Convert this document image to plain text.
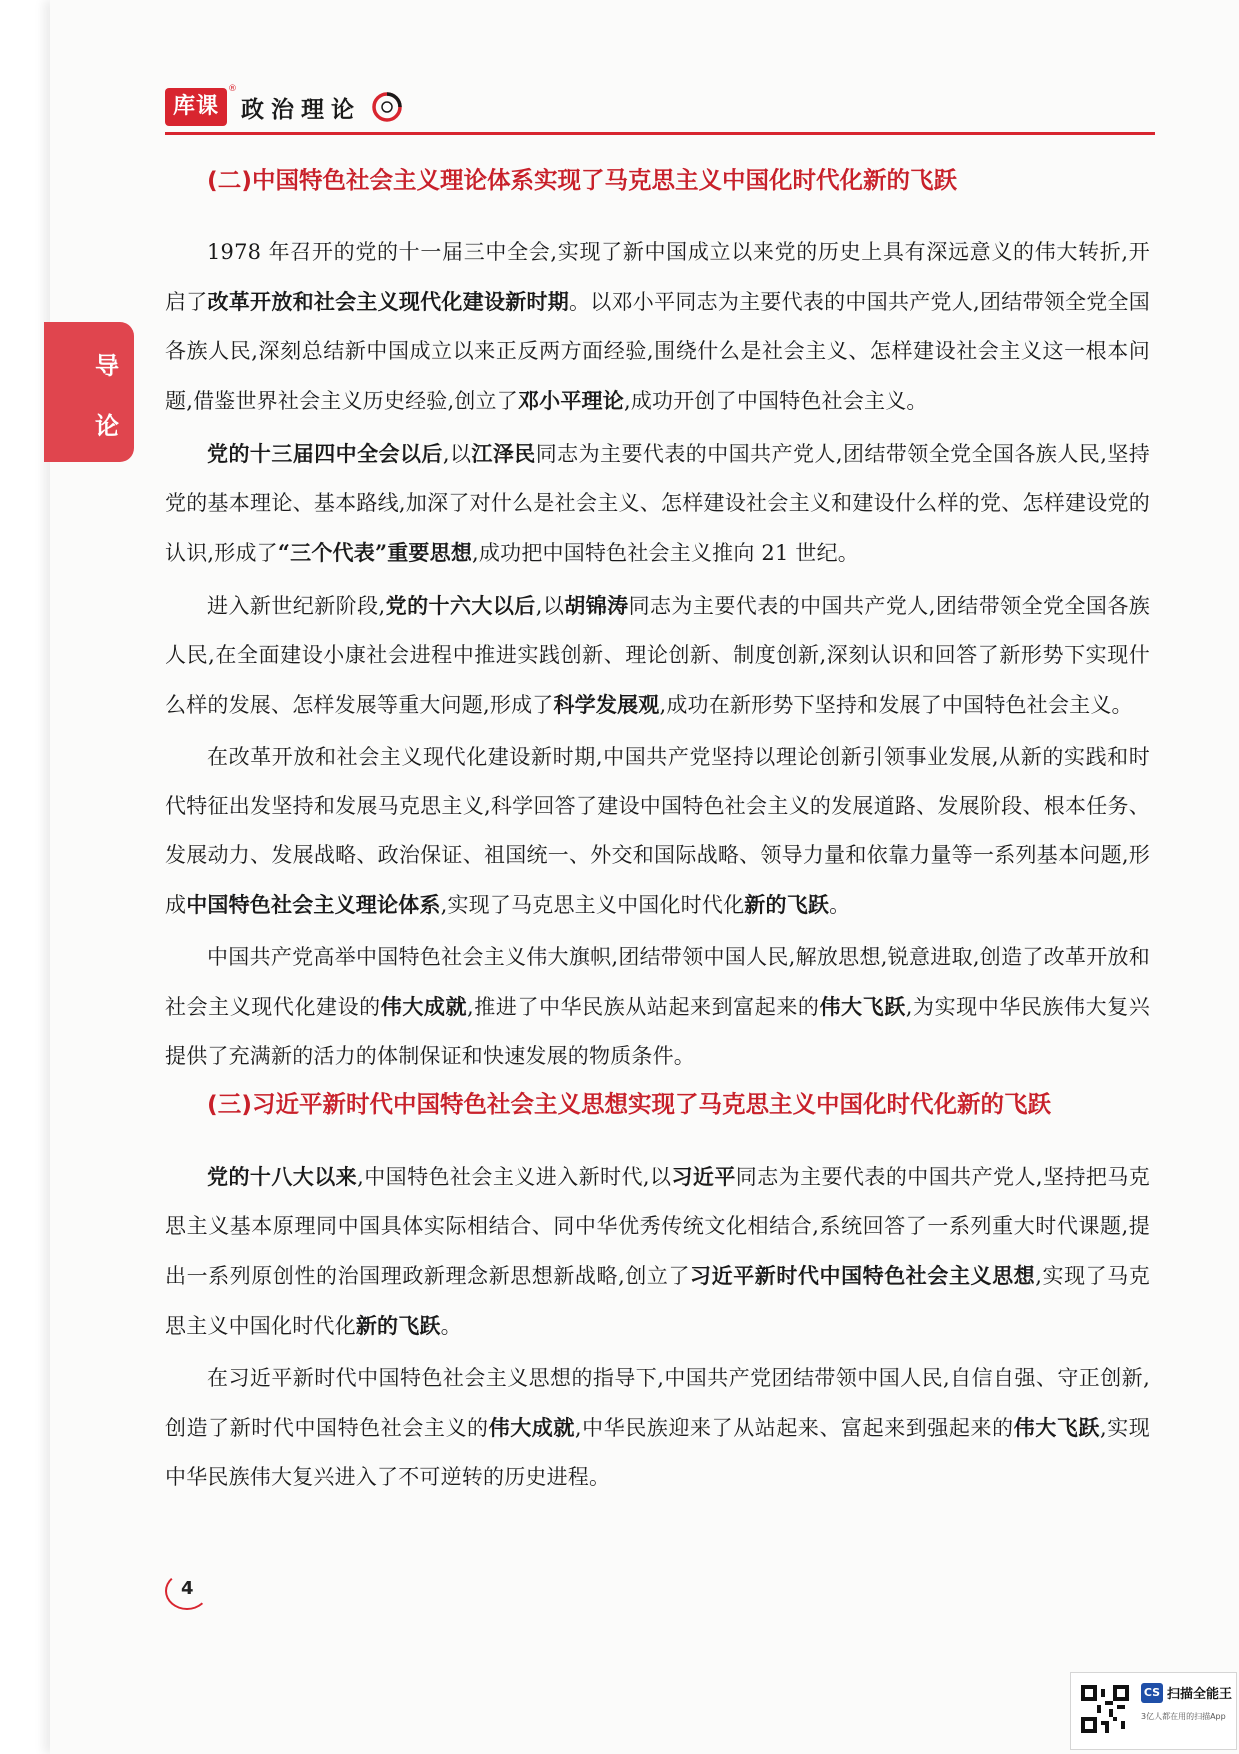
库课
®
政治理论
导
论
(二)中国特色社会主义理论体系实现了马克思主义中国化时代化新的飞跃

1978 年召开的党的十一届三中全会,实现了新中国成立以来党的历史上具有深远意义的伟大转折,开启了改革开放和社会主义现代化建设新时期。以邓小平同志为主要代表的中国共产党人,团结带领全党全国各族人民,深刻总结新中国成立以来正反两方面经验,围绕什么是社会主义、怎样建设社会主义这一根本问题,借鉴世界社会主义历史经验,创立了邓小平理论,成功开创了中国特色社会主义。

党的十三届四中全会以后,以江泽民同志为主要代表的中国共产党人,团结带领全党全国各族人民,坚持党的基本理论、基本路线,加深了对什么是社会主义、怎样建设社会主义和建设什么样的党、怎样建设党的认识,形成了“三个代表”重要思想,成功把中国特色社会主义推向 21 世纪。

进入新世纪新阶段,党的十六大以后,以胡锦涛同志为主要代表的中国共产党人,团结带领全党全国各族人民,在全面建设小康社会进程中推进实践创新、理论创新、制度创新,深刻认识和回答了新形势下实现什么样的发展、怎样发展等重大问题,形成了科学发展观,成功在新形势下坚持和发展了中国特色社会主义。

在改革开放和社会主义现代化建设新时期,中国共产党坚持以理论创新引领事业发展,从新的实践和时代特征出发坚持和发展马克思主义,科学回答了建设中国特色社会主义的发展道路、发展阶段、根本任务、发展动力、发展战略、政治保证、祖国统一、外交和国际战略、领导力量和依靠力量等一系列基本问题,形成中国特色社会主义理论体系,实现了马克思主义中国化时代化新的飞跃。

中国共产党高举中国特色社会主义伟大旗帜,团结带领中国人民,解放思想,锐意进取,创造了改革开放和社会主义现代化建设的伟大成就,推进了中华民族从站起来到富起来的伟大飞跃,为实现中华民族伟大复兴提供了充满新的活力的体制保证和快速发展的物质条件。

(三)习近平新时代中国特色社会主义思想实现了马克思主义中国化时代化新的飞跃

党的十八大以来,中国特色社会主义进入新时代,以习近平同志为主要代表的中国共产党人,坚持把马克思主义基本原理同中国具体实际相结合、同中华优秀传统文化相结合,系统回答了一系列重大时代课题,提出一系列原创性的治国理政新理念新思想新战略,创立了习近平新时代中国特色社会主义思想,实现了马克思主义中国化时代化新的飞跃。

在习近平新时代中国特色社会主义思想的指导下,中国共产党团结带领中国人民,自信自强、守正创新,创造了新时代中国特色社会主义的伟大成就,中华民族迎来了从站起来、富起来到强起来的伟大飞跃,实现中华民族伟大复兴进入了不可逆转的历史进程。

4
CS 扫描全能王
3亿人都在用的扫描App
